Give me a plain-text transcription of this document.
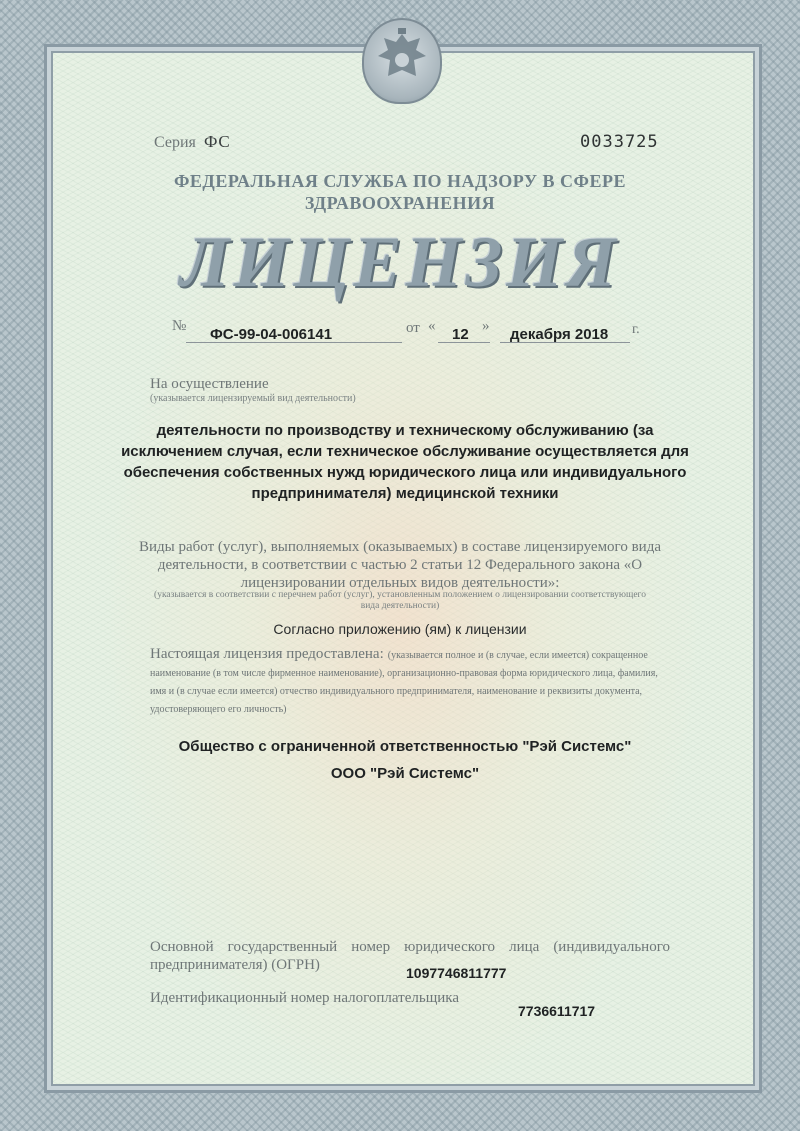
Серия ФС	0033725
ФЕДЕРАЛЬНАЯ СЛУЖБА ПО НАДЗОРУ В СФЕРЕ ЗДРАВООХРАНЕНИЯ
ЛИЦЕНЗИЯ
№ ФС-99-04-006141	от « 12 » декабря 2018 г.
На осуществление
(указывается лицензируемый вид деятельности)
деятельности по производству и техническому обслуживанию (за исключением случая, если техническое обслуживание осуществляется для обеспечения собственных нужд юридического лица или индивидуального предпринимателя) медицинской техники
Виды работ (услуг), выполняемых (оказываемых) в составе лицензируемого вида деятельности, в соответствии с частью 2 статьи 12 Федерального закона «О лицензировании отдельных видов деятельности»:
(указывается в соответствии с перечнем работ (услуг), установленным положением о лицензировании соответствующего вида деятельности)
Согласно приложению (ям) к лицензии
Настоящая лицензия предоставлена: (указывается полное и (в случае, если имеется) сокращенное наименование (в том числе фирменное наименование), организационно-правовая форма юридического лица, фамилия, имя и (в случае если имеется) отчество индивидуального предпринимателя, наименование и реквизиты документа, удостоверяющего его личность)
Общество с ограниченной ответственностью "Рэй Системс"
ООО "Рэй Системс"
Основной государственный номер юридического лица (индивидуального предпринимателя) (ОГРН)	1097746811777
Идентификационный номер налогоплательщика
7736611717
